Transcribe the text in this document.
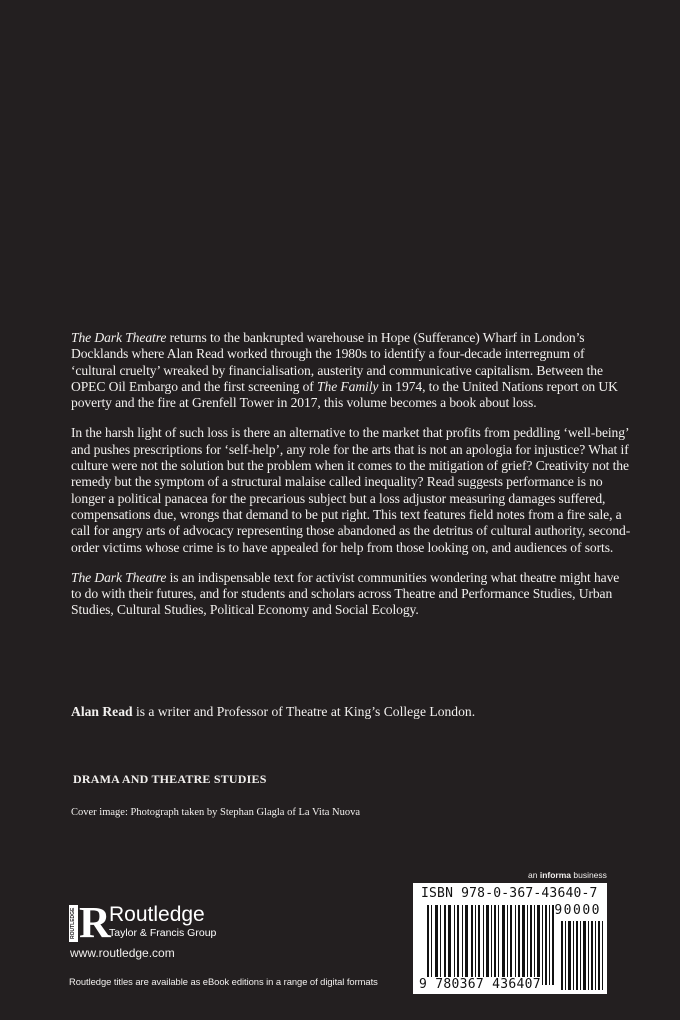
The Dark Theatre returns to the bankrupted warehouse in Hope (Sufferance) Wharf in London’s Docklands where Alan Read worked through the 1980s to identify a four-decade interregnum of ‘cultural cruelty’ wreaked by financialisation, austerity and communicative capitalism. Between the OPEC Oil Embargo and the first screening of The Family in 1974, to the United Nations report on UK poverty and the fire at Grenfell Tower in 2017, this volume becomes a book about loss.

In the harsh light of such loss is there an alternative to the market that profits from peddling ‘well-being’ and pushes prescriptions for ‘self-help’, any role for the arts that is not an apologia for injustice? What if culture were not the solution but the problem when it comes to the mitigation of grief? Creativity not the remedy but the symptom of a structural malaise called inequality? Read suggests performance is no longer a political panacea for the precarious subject but a loss adjustor measuring damages suffered, compensations due, wrongs that demand to be put right. This text features field notes from a fire sale, a call for angry arts of advocacy representing those abandoned as the detritus of cultural authority, second-order victims whose crime is to have appealed for help from those looking on, and audiences of sorts.

The Dark Theatre is an indispensable text for activist communities wondering what theatre might have to do with their futures, and for students and scholars across Theatre and Performance Studies, Urban Studies, Cultural Studies, Political Economy and Social Ecology.

Alan Read is a writer and Professor of Theatre at King’s College London.
DRAMA AND THEATRE STUDIES
Cover image: Photograph taken by Stephan Glagla of La Vita Nuova
ROUTLEDGE R
Routledge
Taylor & Francis Group
www.routledge.com
Routledge titles are available as eBook editions in a range of digital formats
an informa business
ISBN 978-0-367-43640-7
90000
9 780367 436407
